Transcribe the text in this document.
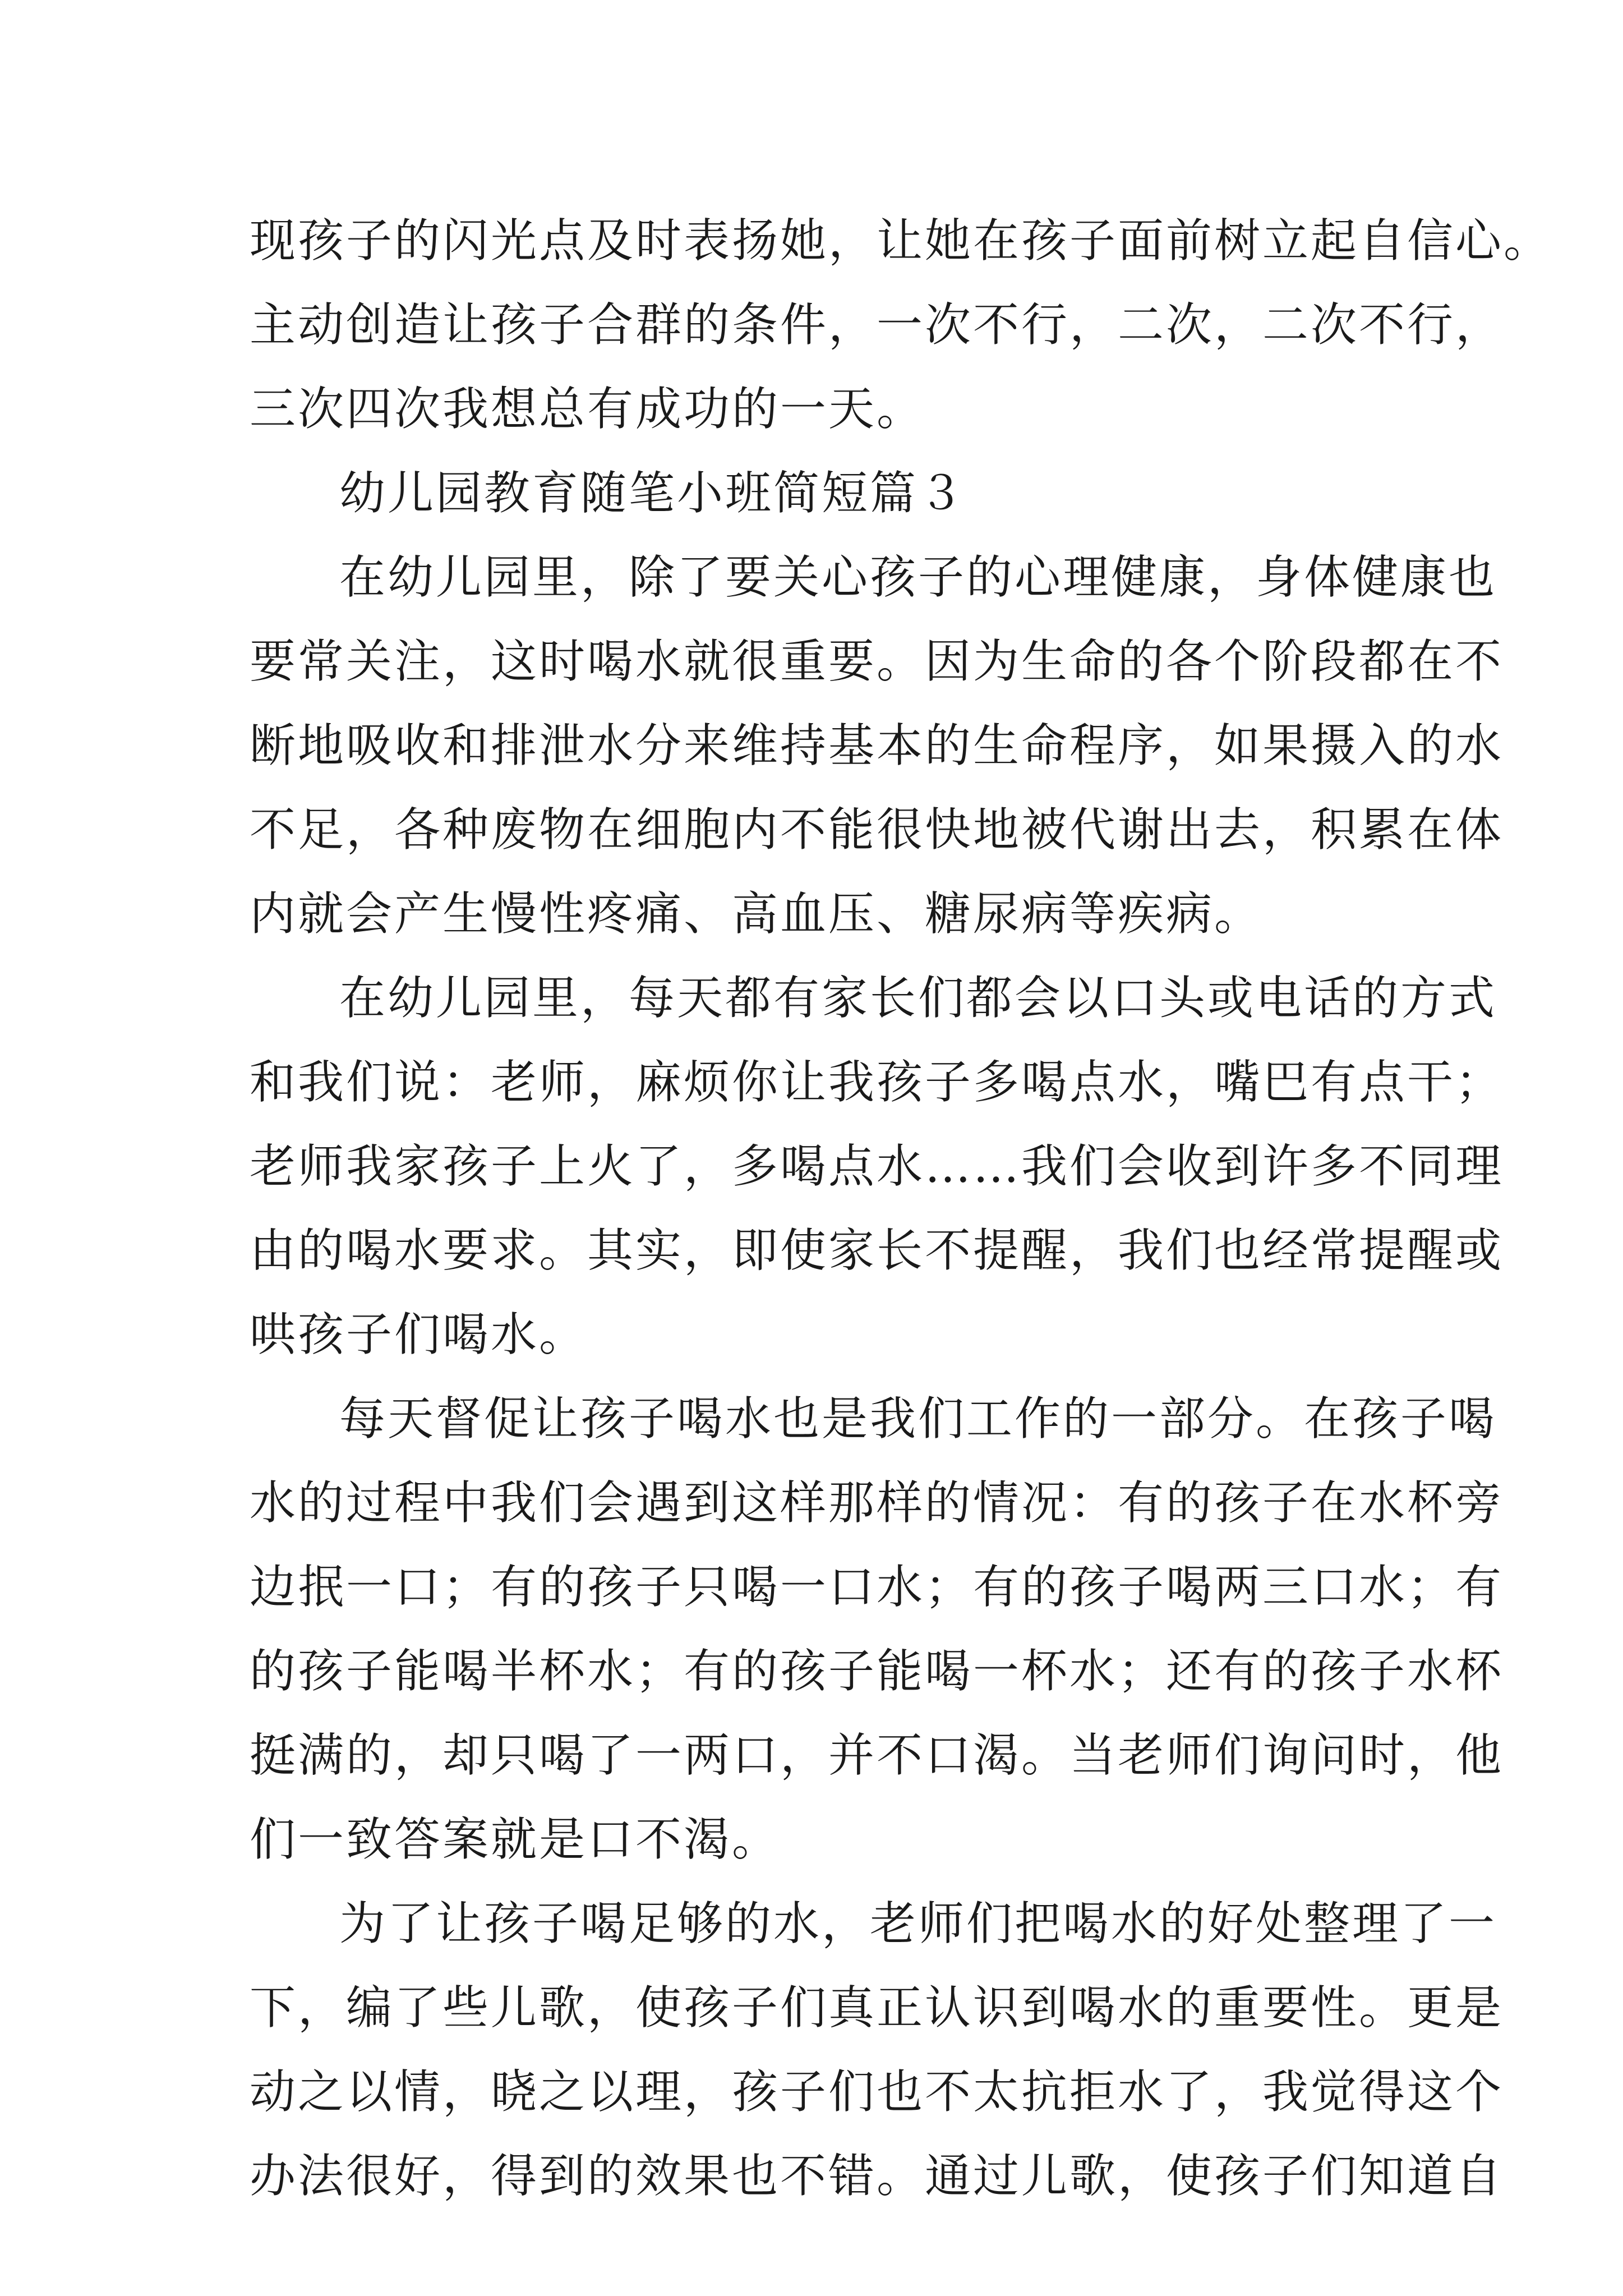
现孩子的闪光点及时表扬她，让她在孩子面前树立起自信心。
主动创造让孩子合群的条件，一次不行，二次，二次不行，
三次四次我想总有成功的一天。
幼儿园教育随笔小班简短篇３
在幼儿园里，除了要关心孩子的心理健康，身体健康也
要常关注，这时喝水就很重要。因为生命的各个阶段都在不
断地吸收和排泄水分来维持基本的生命程序，如果摄入的水
不足，各种废物在细胞内不能很快地被代谢出去，积累在体
内就会产生慢性疼痛、高血压、糖尿病等疾病。
在幼儿园里，每天都有家长们都会以口头或电话的方式
和我们说：老师，麻烦你让我孩子多喝点水，嘴巴有点干；
老师我家孩子上火了，多喝点水……我们会收到许多不同理
由的喝水要求。其实，即使家长不提醒，我们也经常提醒或
哄孩子们喝水。
每天督促让孩子喝水也是我们工作的一部分。在孩子喝
水的过程中我们会遇到这样那样的情况：有的孩子在水杯旁
边抿一口；有的孩子只喝一口水；有的孩子喝两三口水；有
的孩子能喝半杯水；有的孩子能喝一杯水；还有的孩子水杯
挺满的，却只喝了一两口，并不口渴。当老师们询问时，他
们一致答案就是口不渴。
为了让孩子喝足够的水，老师们把喝水的好处整理了一
下，编了些儿歌，使孩子们真正认识到喝水的重要性。更是
动之以情，晓之以理，孩子们也不太抗拒水了，我觉得这个
办法很好，得到的效果也不错。通过儿歌，使孩子们知道自
